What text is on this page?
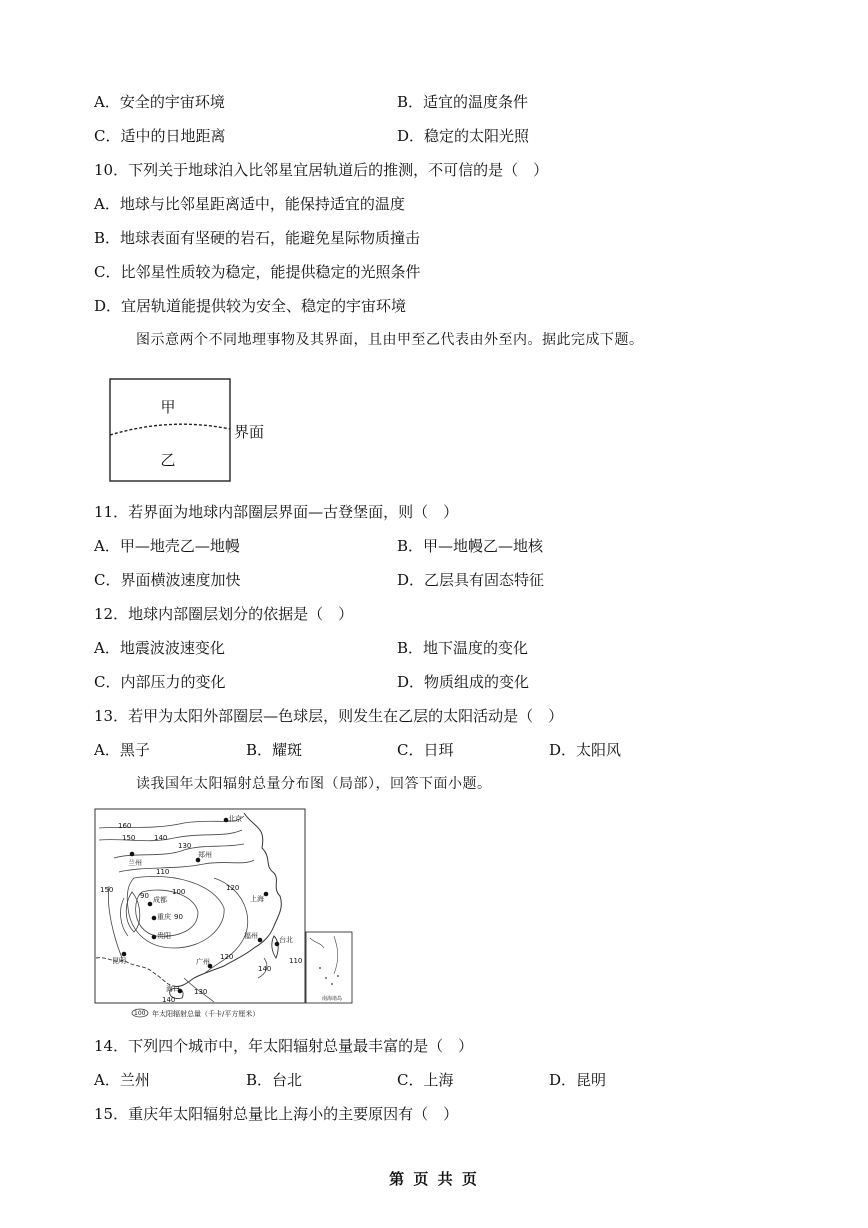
A．安全的宇宙环境	B．适宜的温度条件
C．适中的日地距离	D．稳定的太阳光照
10．下列关于地球泊入比邻星宜居轨道后的推测，不可信的是（　）
A．地球与比邻星距离适中，能保持适宜的温度
B．地球表面有坚硬的岩石，能避免星际物质撞击
C．比邻星性质较为稳定，能提供稳定的光照条件
D．宜居轨道能提供较为安全、稳定的宇宙环境
图示意两个不同地理事物及其界面，且由甲至乙代表由外至内。据此完成下题。
甲
乙
界面
11．若界面为地球内部圈层界面—古登堡面，则（　）
A．甲—地壳乙—地幔	B．甲—地幔乙—地核
C．界面横波速度加快	D．乙层具有固态特征
12．地球内部圈层划分的依据是（　）
A．地震波波速变化	B．地下温度的变化
C．内部压力的变化	D．物质组成的变化
13．若甲为太阳外部圈层—色球层，则发生在乙层的太阳活动是（　）
A．黑子	B．耀斑	C．日珥	D．太阳风
读我国年太阳辐射总量分布图（局部），回答下面小题。
北京
兰州
郑州
成都
重庆
贵阳
上海
福州	台北
广州
昆明
海口
160
150	140
130
110
150	100
90
90
120
120	110
140
130
140
100 年太阳辐射总量（千卡/平方厘米）
南海诸岛
14．下列四个城市中，年太阳辐射总量最丰富的是（　）
A．兰州	B．台北	C．上海	D．昆明
15．重庆年太阳辐射总量比上海小的主要原因有（　）
第 页 共 页
